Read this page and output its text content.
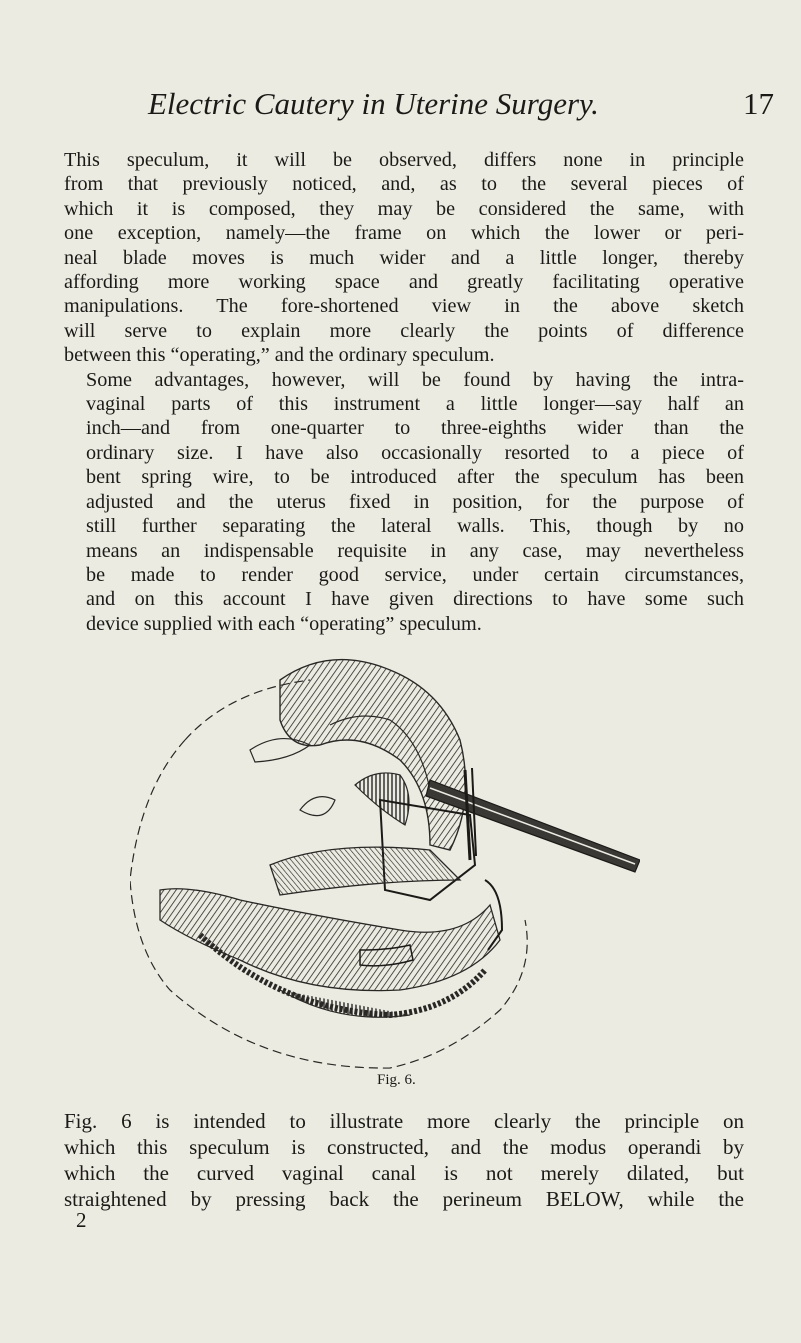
Electric Cautery in Uterine Surgery.	17

This speculum, it will be observed, differs none in principle
from that previously noticed, and, as to the several pieces of
which it is composed, they may be considered the same, with
one exception, namely—the frame on which the lower or peri-
neal blade moves is much wider and a little longer, thereby
affording more working space and greatly facilitating operative
manipulations. The fore-shortened view in the above sketch
will serve to explain more clearly the points of difference
between this “operating,” and the ordinary speculum.

Some advantages, however, will be found by having the intra-
vaginal parts of this instrument a little longer—say half an
inch—and from one-quarter to three-eighths wider than the
ordinary size. I have also occasionally resorted to a piece of
bent spring wire, to be introduced after the speculum has been
adjusted and the uterus fixed in position, for the purpose of
still further separating the lateral walls. This, though by no
means an indispensable requisite in any case, may nevertheless
be made to render good service, under certain circumstances,
and on this account I have given directions to have some such
device supplied with each “operating” speculum.

Fig. 6.
Fig. 6 is intended to illustrate more clearly the principle on
which this speculum is constructed, and the modus operandi by
which the curved vaginal canal is not merely dilated, but
straightened by pressing back the perineum BELOW, while the
2
